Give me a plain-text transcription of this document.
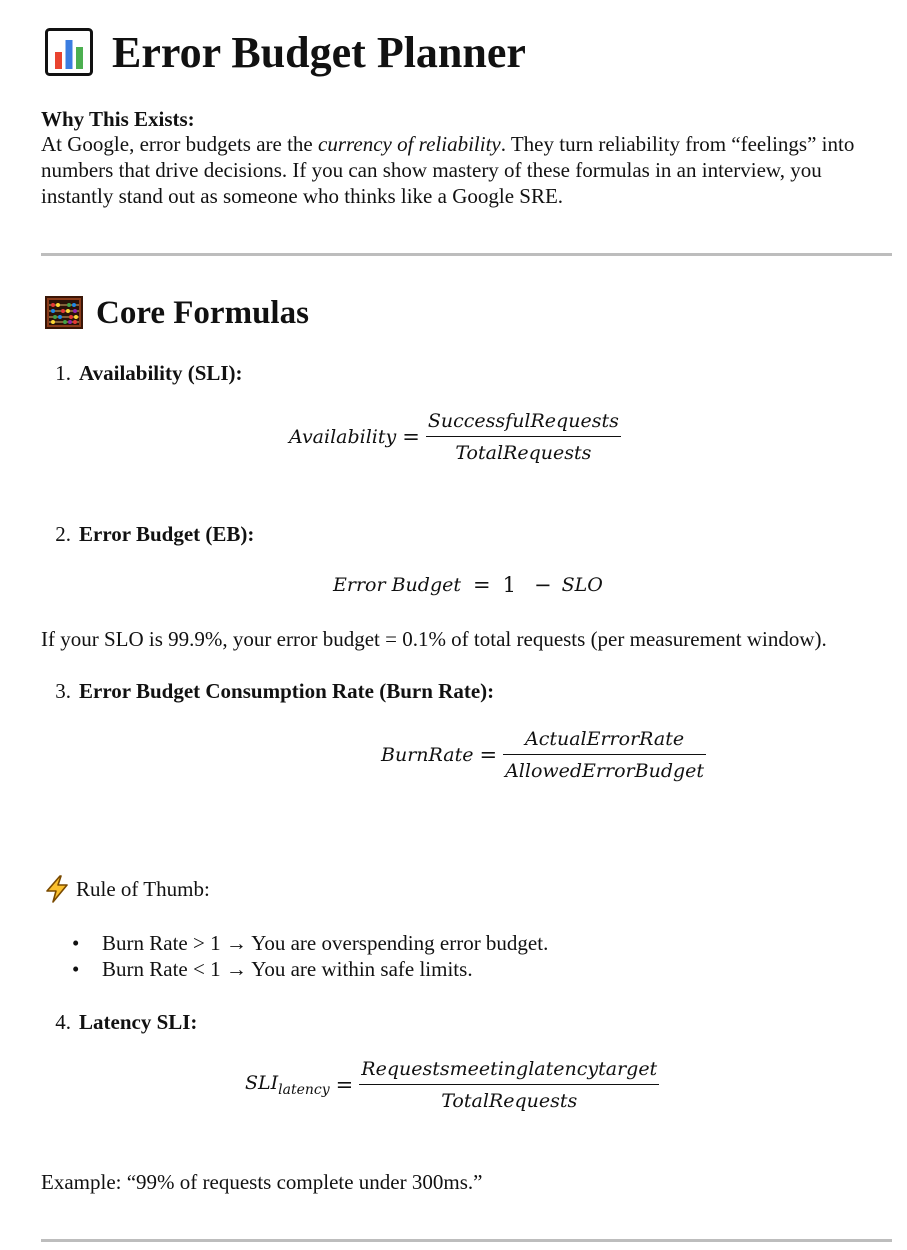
Error Budget Planner
Why This Exists:
At Google, error budgets are the currency of reliability. They turn reliability from “feelings” into numbers that drive decisions. If you can show mastery of these formulas in an interview, you instantly stand out as someone who thinks like a Google SRE.
Core Formulas
1. Availability (SLI):
Availability = $\frac{\text{SuccessfulRequests}}{\text{TotalRequests}}$
2. Error Budget (EB):
Error Budget = 1 − SLO
If your SLO is 99.9%, your error budget = 0.1% of total requests (per measurement window).
3. Error Budget Consumption Rate (Burn Rate):
BurnRate = $\frac{\text{ActualErrorRate}}{\text{AllowedErrorBudget}}$
Rule of Thumb:
• Burn Rate > 1 → You are overspending error budget.
• Burn Rate < 1 → You are within safe limits.
4. Latency SLI:
$SLI_{latency} = \frac{\text{Requestsmeetinglatencytarget}}{\text{TotalRequests}}$
Example: “99% of requests complete under 300ms.”
